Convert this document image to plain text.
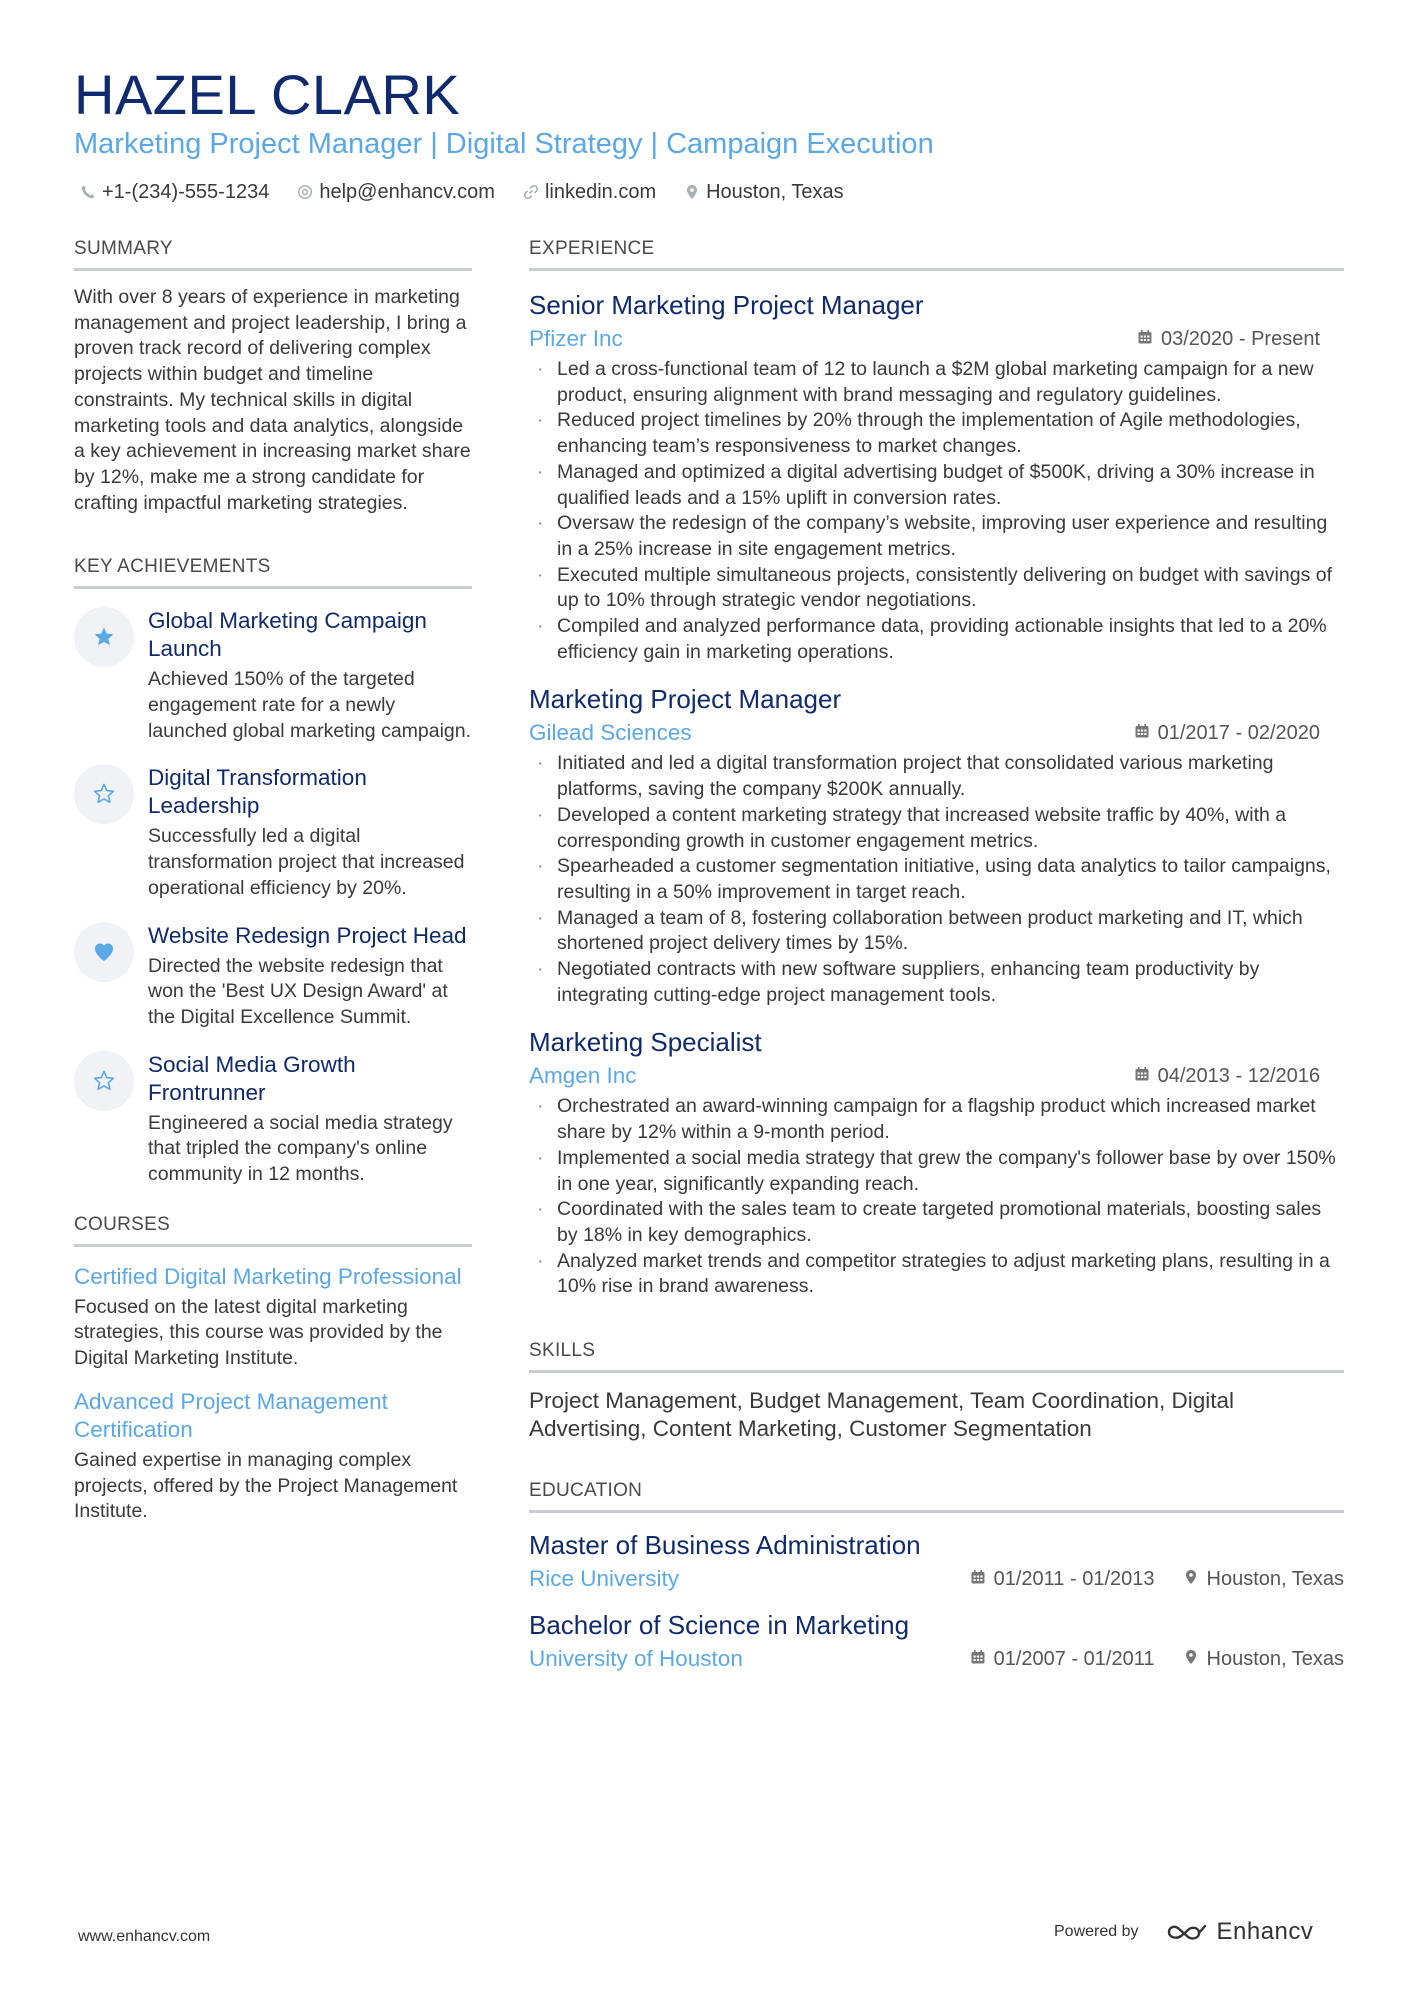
HAZEL CLARK
Marketing Project Manager | Digital Strategy | Campaign Execution
+1-(234)-555-1234	help@enhancv.com	linkedin.com	Houston, Texas
SUMMARY

With over 8 years of experience in marketing management and project leadership, I bring a proven track record of delivering complex projects within budget and timeline constraints. My technical skills in digital marketing tools and data analytics, alongside a key achievement in increasing market share by 12%, make me a strong candidate for crafting impactful marketing strategies.

KEY ACHIEVEMENTS
Global Marketing Campaign Launch
Achieved 150% of the targeted engagement rate for a newly launched global marketing campaign.
Digital Transformation Leadership
Successfully led a digital transformation project that increased operational efficiency by 20%.
Website Redesign Project Head
Directed the website redesign that won the 'Best UX Design Award' at the Digital Excellence Summit.
Social Media Growth Frontrunner
Engineered a social media strategy that tripled the company's online community in 12 months.
COURSES
Certified Digital Marketing Professional
Focused on the latest digital marketing strategies, this course was provided by the Digital Marketing Institute.
Advanced Project Management Certification
Gained expertise in managing complex projects, offered by the Project Management Institute.
EXPERIENCE
Senior Marketing Project Manager
Pfizer Inc	03/2020 - Present
· Led a cross-functional team of 12 to launch a $2M global marketing campaign for a new product, ensuring alignment with brand messaging and regulatory guidelines.
· Reduced project timelines by 20% through the implementation of Agile methodologies, enhancing team’s responsiveness to market changes.
· Managed and optimized a digital advertising budget of $500K, driving a 30% increase in qualified leads and a 15% uplift in conversion rates.
· Oversaw the redesign of the company’s website, improving user experience and resulting in a 25% increase in site engagement metrics.
· Executed multiple simultaneous projects, consistently delivering on budget with savings of up to 10% through strategic vendor negotiations.
· Compiled and analyzed performance data, providing actionable insights that led to a 20% efficiency gain in marketing operations.
Marketing Project Manager
Gilead Sciences	01/2017 - 02/2020
· Initiated and led a digital transformation project that consolidated various marketing platforms, saving the company $200K annually.
· Developed a content marketing strategy that increased website traffic by 40%, with a corresponding growth in customer engagement metrics.
· Spearheaded a customer segmentation initiative, using data analytics to tailor campaigns, resulting in a 50% improvement in target reach.
· Managed a team of 8, fostering collaboration between product marketing and IT, which shortened project delivery times by 15%.
· Negotiated contracts with new software suppliers, enhancing team productivity by integrating cutting-edge project management tools.
Marketing Specialist
Amgen Inc	04/2013 - 12/2016
· Orchestrated an award-winning campaign for a flagship product which increased market share by 12% within a 9-month period.
· Implemented a social media strategy that grew the company's follower base by over 150% in one year, significantly expanding reach.
· Coordinated with the sales team to create targeted promotional materials, boosting sales by 18% in key demographics.
· Analyzed market trends and competitor strategies to adjust marketing plans, resulting in a 10% rise in brand awareness.
SKILLS

Project Management, Budget Management, Team Coordination, Digital Advertising, Content Marketing, Customer Segmentation

EDUCATION
Master of Business Administration
Rice University	01/2011 - 01/2013	Houston, Texas
Bachelor of Science in Marketing
University of Houston	01/2007 - 01/2011	Houston, Texas
www.enhancv.com	Powered by	Enhancv
